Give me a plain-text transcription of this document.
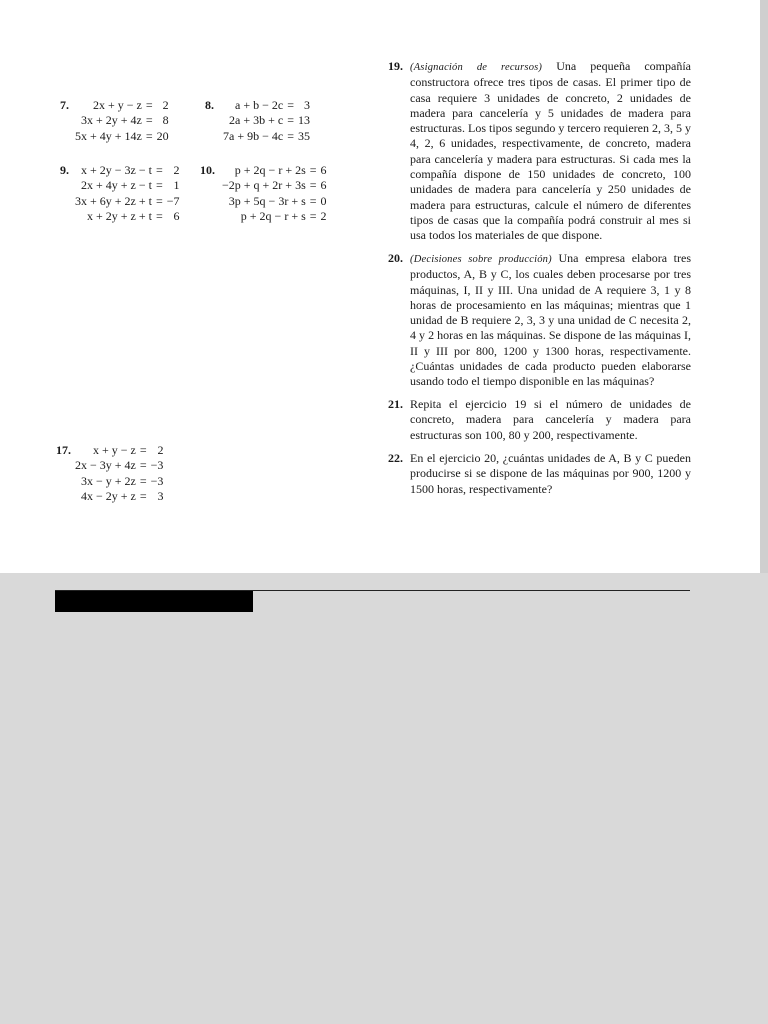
7. 2x + y − z	=	2
3x + 2y + 4z	=	8
5x + 4y + 14z	=	20
8. a + b − 2c	=	3
2a + 3b + c	=	13
7a + 9b − 4c	=	35
9. x + 2y − 3z − t	=	2
2x + 4y + z − t	=	1
3x + 6y + 2z + t	=	−7
x + 2y + z + t	=	6
10. p + 2q − r + 2s	=	6
−2p + q + 2r + 3s	=	6
3p + 5q − 3r + s	=	0
p + 2q − r + s	=	2
17. x + y − z	=	2
2x − 3y + 4z	=	−3
3x − y + 2z	=	−3
4x − 2y + z	=	3
19. (Asignación de recursos) Una pequeña compañía constructora ofrece tres tipos de casas. El primer tipo de casa requiere 3 unidades de concreto, 2 unidades de madera para cancelería y 5 unidades de madera para estructuras. Los tipos segundo y tercero requieren 2, 3, 5 y 4, 2, 6 unidades, respectivamente, de concreto, madera para cancelería y madera para estructuras. Si cada mes la compañía dispone de 150 unidades de concreto, 100 unidades de madera para cancelería y 250 unidades de madera para estructuras, calcule el número de diferentes tipos de casas que la compañía podrá construir al mes si usa todos los materiales de que dispone.
20. (Decisiones sobre producción) Una empresa elabora tres productos, A, B y C, los cuales deben procesarse por tres máquinas, I, II y III. Una unidad de A requiere 3, 1 y 8 horas de procesamiento en las máquinas; mientras que 1 unidad de B requiere 2, 3, 3 y una unidad de C necesita 2, 4 y 2 horas en las máquinas. Se dispone de las máquinas I, II y III por 800, 1200 y 1300 horas, respectivamente. ¿Cuántas unidades de cada producto pueden elaborarse usando todo el tiempo disponible en las máquinas?
21. Repita el ejercicio 19 si el número de unidades de concreto, madera para cancelería y madera para estructuras son 100, 80 y 200, respectivamente.
22. En el ejercicio 20, ¿cuántas unidades de A, B y C pueden producirse si se dispone de las máquinas por 900, 1200 y 1500 horas, respectivamente?
